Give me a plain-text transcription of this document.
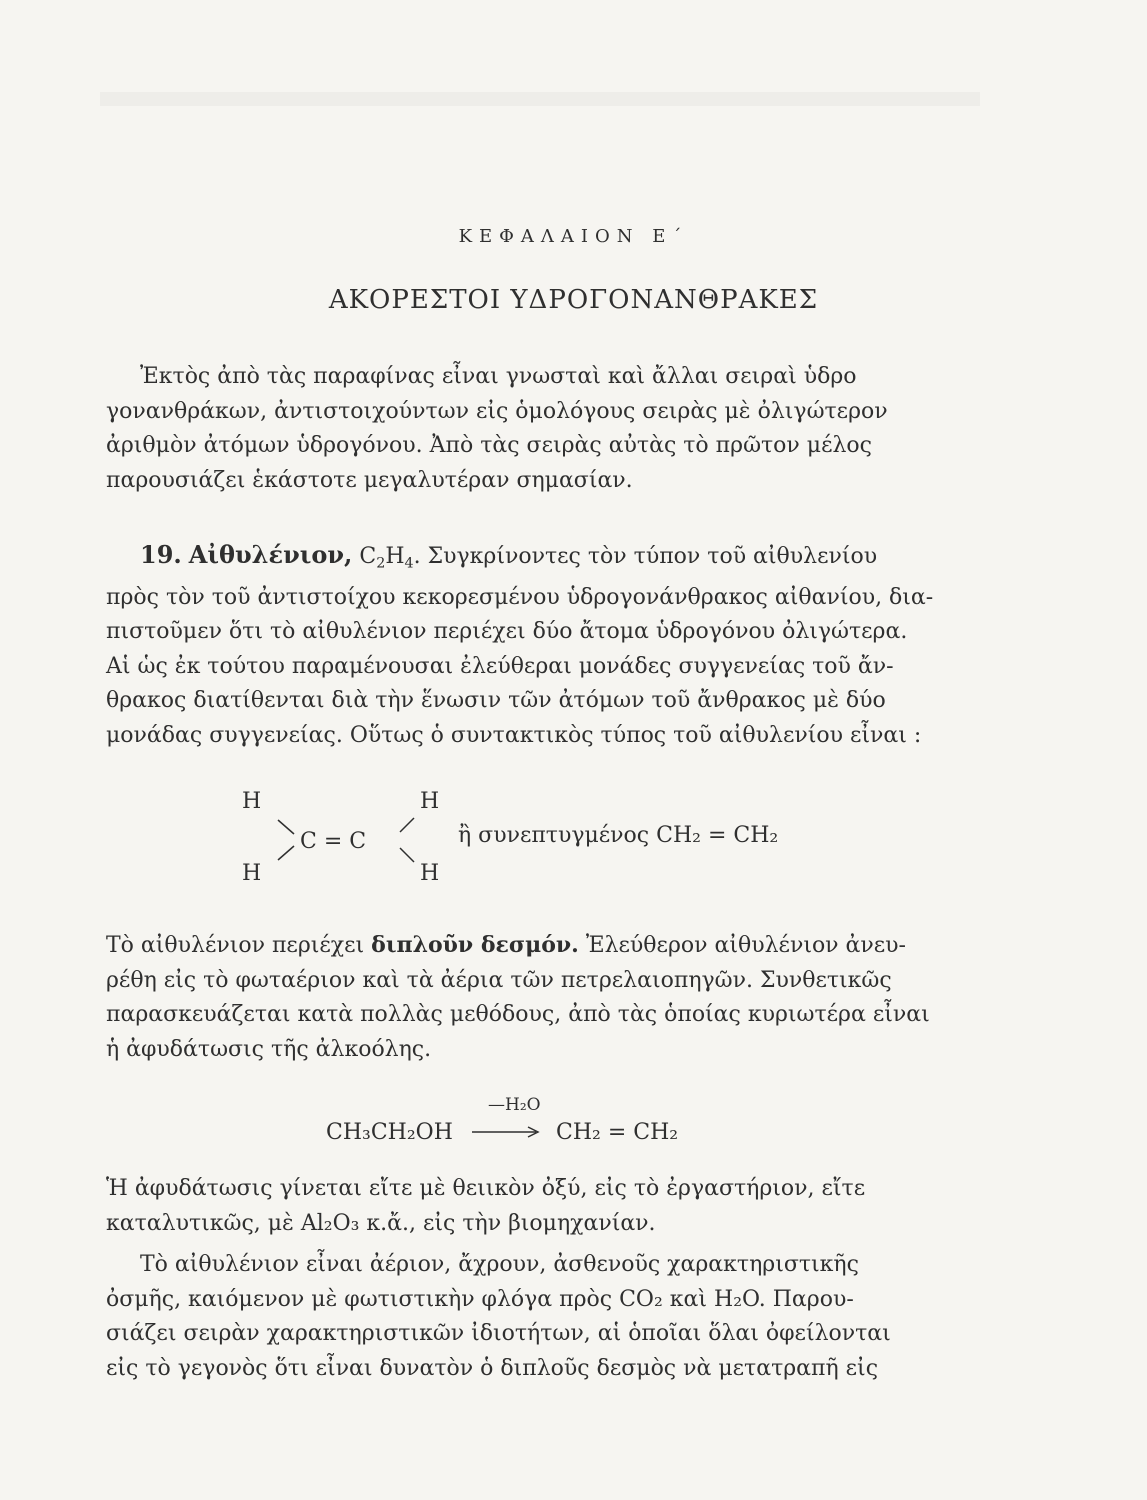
ΚΕΦΑΛΑΙΟΝ Ε΄
ΑΚΟΡΕΣΤΟΙ ΥΔΡΟΓΟΝΑΝΘΡΑΚΕΣ
Ἐκτὸς ἀπὸ τὰς παραφίνας εἶναι γνωσταὶ καὶ ἄλλαι σειραὶ ὑδρο
γονανθράκων, ἀντιστοιχούντων εἰς ὁμολόγους σειρὰς μὲ ὀλιγώτερον
ἀριθμὸν ἀτόμων ὑδρογόνου. Ἀπὸ τὰς σειρὰς αὐτὰς τὸ πρῶτον μέλος
παρουσιάζει ἑκάστοτε μεγαλυτέραν σημασίαν.
19. Αἰθυλένιον, $C_2H_4$. Συγκρίνοντες τὸν τύπον τοῦ αἰθυλενίου
πρὸς τὸν τοῦ ἀντιστοίχου κεκορεσμένου ὑδρογονάνθρακος αἰθανίου, δια-
πιστοῦμεν ὅτι τὸ αἰθυλένιον περιέχει δύο ἄτομα ὑδρογόνου ὀλιγώτερα.
Αἱ ὡς ἐκ τούτου παραμένουσαι ἐλεύθεραι μονάδες συγγενείας τοῦ ἄν-
θρακος διατίθενται διὰ τὴν ἕνωσιν τῶν ἀτόμων τοῦ ἄνθρακος μὲ δύο
μονάδας συγγενείας. Οὕτως ὁ συντακτικὸς τύπος τοῦ αἰθυλενίου εἶναι :
H	H
H	H
C = C	ἢ συνεπτυγμένος CH₂ = CH₂
Τὸ αἰθυλένιον περιέχει διπλοῦν δεσμόν. Ἐλεύθερον αἰθυλένιον ἀνευ-
ρέθη εἰς τὸ φωταέριον καὶ τὰ ἀέρια τῶν πετρελαιοπηγῶν. Συνθετικῶς
παρασκευάζεται κατὰ πολλὰς μεθόδους, ἀπὸ τὰς ὁποίας κυριωτέρα εἶναι
ἡ ἀφυδάτωσις τῆς ἀλκοόλης.
CH₃CH₂OH
—H₂O
CH₂ = CH₂
Ἡ ἀφυδάτωσις γίνεται εἴτε μὲ θειικὸν ὀξύ, εἰς τὸ ἐργαστήριον, εἴτε
καταλυτικῶς, μὲ Al₂O₃ κ.ἄ., εἰς τὴν βιομηχανίαν.
Τὸ αἰθυλένιον εἶναι ἀέριον, ἄχρουν, ἀσθενοῦς χαρακτηριστικῆς
ὀσμῆς, καιόμενον μὲ φωτιστικὴν φλόγα πρὸς CO₂ καὶ H₂O. Παρου-
σιάζει σειρὰν χαρακτηριστικῶν ἰδιοτήτων, αἱ ὁποῖαι ὅλαι ὀφείλονται
εἰς τὸ γεγονὸς ὅτι εἶναι δυνατὸν ὁ διπλοῦς δεσμὸς νὰ μετατραπῆ εἰς
